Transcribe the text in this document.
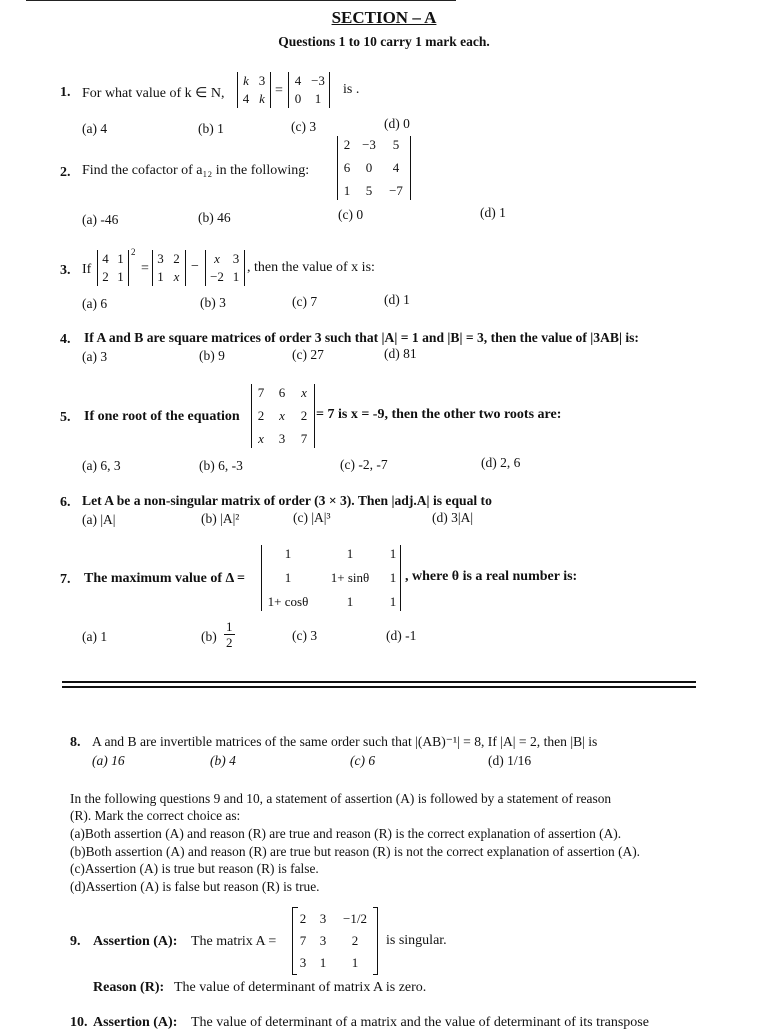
SECTION – A
Questions 1 to 10 carry 1 mark each.
1. For what value of k ∈ N,
k 3
4 k
=
4 −3
0	1
is .
(a) 4	(b) 1	(c) 3	(d) 0
2. Find the cofactor of a₁₂ in the following:
2 −3	5
6	0	4
1	5	−7
(a) -46	(b) 46	(c) 0	(d) 1
3. If
4 1
2 1
2
=
3 2
1 x
−
x 3
−2 1
, then the value of x is:
(a) 6	(b) 3	(c) 7	(d) 1
4. If A and B are square matrices of order 3 such that |A| = 1 and |B| = 3, then the value of |3AB| is:
(a) 3	(b) 9	(c) 27	(d) 81
5. If one root of the equation
7	6	x
2	x	2
x	3	7
= 7 is x = -9, then the other two roots are:
(a) 6, 3	(b) 6, -3	(c) -2, -7	(d) 2, 6
6. Let A be a non-singular matrix of order (3 × 3). Then |adj.A| is equal to
(a) |A|	(b) |A|²	(c) |A|³	(d) 3|A|
7. The maximum value of Δ =
1	1	1
1	1+ sinθ	1
1+ cosθ	1	1
, where θ is a real number is:
(a) 1	$(b) \frac{1}{2}$	(c) 3	(d) -1
8. A and B are invertible matrices of the same order such that |(AB)⁻¹| = 8, If |A| = 2, then |B| is
(a) 16	(b) 4	(c) 6	(d) 1/16
In the following questions 9 and 10, a statement of assertion (A) is followed by a statement of reason
(R). Mark the correct choice as:
(a)Both assertion (A) and reason (R) are true and reason (R) is the correct explanation of assertion (A).
(b)Both assertion (A) and reason (R) are true but reason (R) is not the correct explanation of assertion (A).
(c)Assertion (A) is true but reason (R) is false.
(d)Assertion (A) is false but reason (R) is true.
9. Assertion (A): The matrix A =
2	3	−1/2
7	3	2
3	1	1
is singular.
Reason (R): The value of determinant of matrix A is zero.
10. Assertion (A): The value of determinant of a matrix and the value of determinant of its transpose
